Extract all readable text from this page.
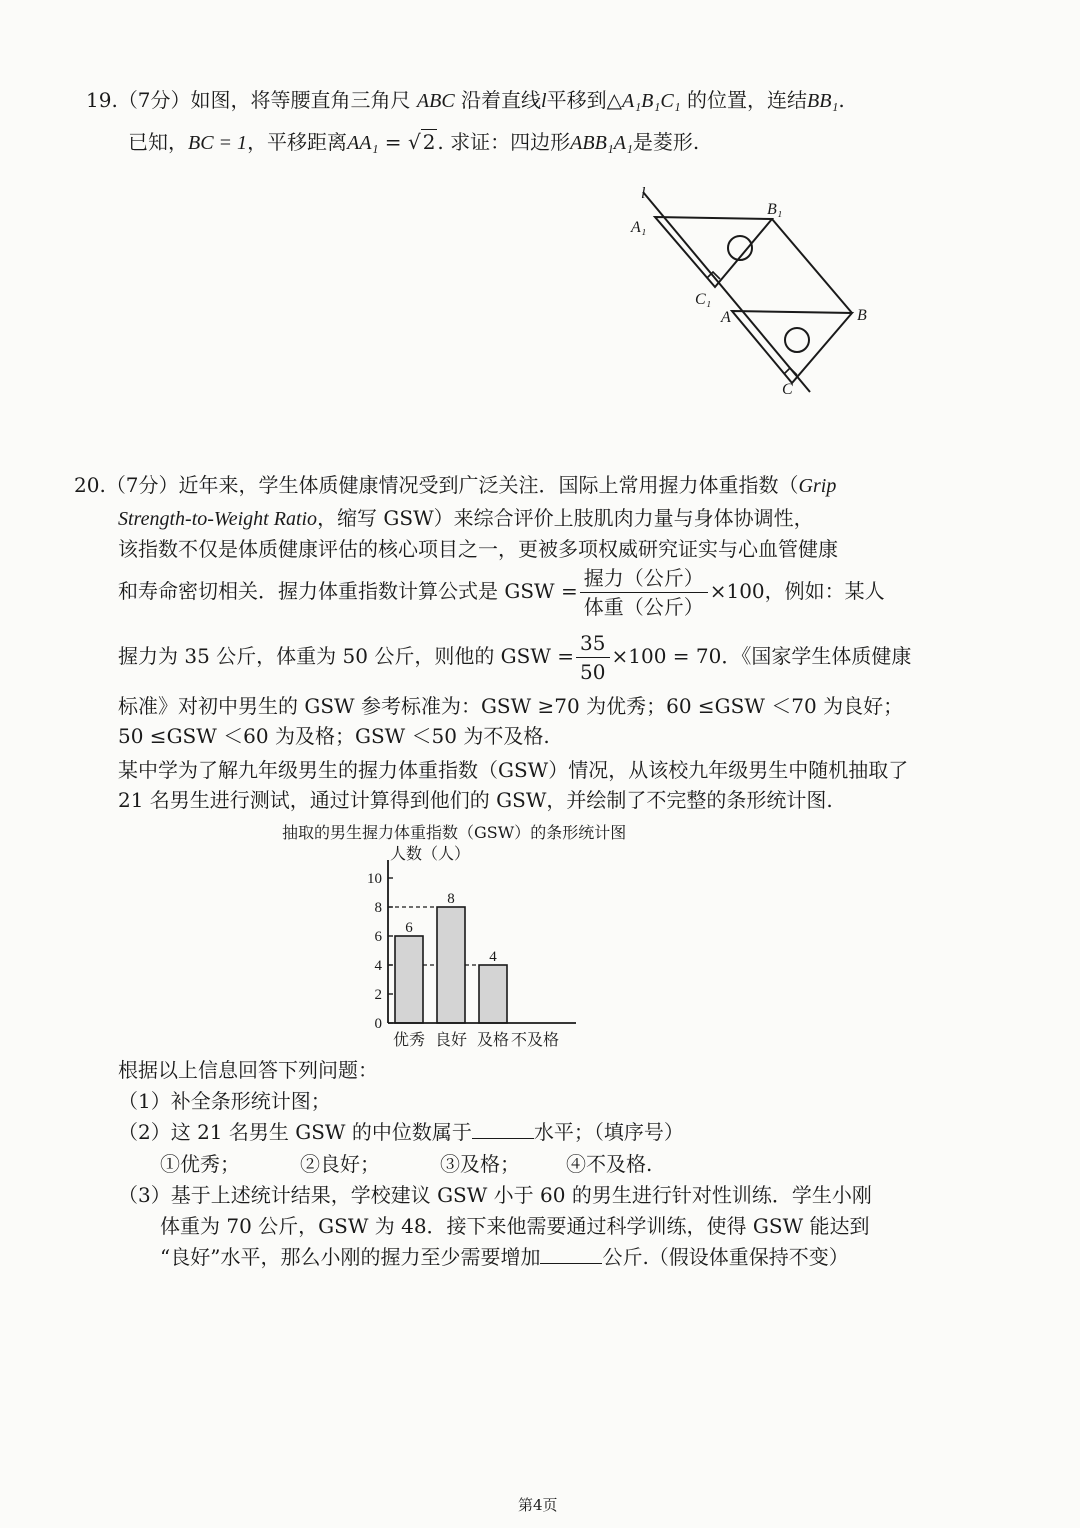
19.（7分）如图，将等腰直角三角尺 ABC 沿着直线l平移到△A₁B₁C₁ 的位置，连结BB₁.
已知，BC = 1，平移距离AA₁ = √ 2 . 求证：四边形ABB₁A₁是菱形.
l
A₁
B₁
C₁
A	B
C
20.（7分）近年来，学生体质健康情况受到广泛关注．国际上常用握力体重指数（Grip
Strength-to-Weight Ratio，缩写 GSW）来综合评价上肢肌肉力量与身体协调性，
该指数不仅是体质健康评估的核心项目之一，更被多项权威研究证实与心血管健康
和寿命密切相关．握力体重指数计算公式是 GSW = $\frac{\text{握力（公斤）}}{\text{体重（公斤）}} \times 100$，例如：某人
握力为 35 公斤，体重为 50 公斤，则他的 GSW = $\frac{35}{50} \times 100 = 70$．《国家学生体质健康
标准》对初中男生的 GSW 参考标准为：GSW ≥70 为优秀；60 ≤GSW ＜70 为良好；
50 ≤GSW ＜60 为及格；GSW ＜50 为不及格.
某中学为了解九年级男生的握力体重指数（GSW）情况，从该校九年级男生中随机抽取了
21 名男生进行测试，通过计算得到他们的 GSW，并绘制了不完整的条形统计图.
抽取的男生握力体重指数（GSW）的条形统计图
6
优秀
8
良好
4
及格 不及格
0
2
4
6
8
10
人数（人）
根据以上信息回答下列问题：
（1）补全条形统计图；
（2）这 21 名男生 GSW 的中位数属于	水平；（填序号）
①优秀；	②良好；	③及格； ④不及格.
（3）基于上述统计结果，学校建议 GSW 小于 60 的男生进行针对性训练．学生小刚
体重为 70 公斤，GSW 为 48．接下来他需要通过科学训练，使得 GSW 能达到
“良好”水平，那么小刚的握力至少需要增加	公斤.（假设体重保持不变）
第4页
